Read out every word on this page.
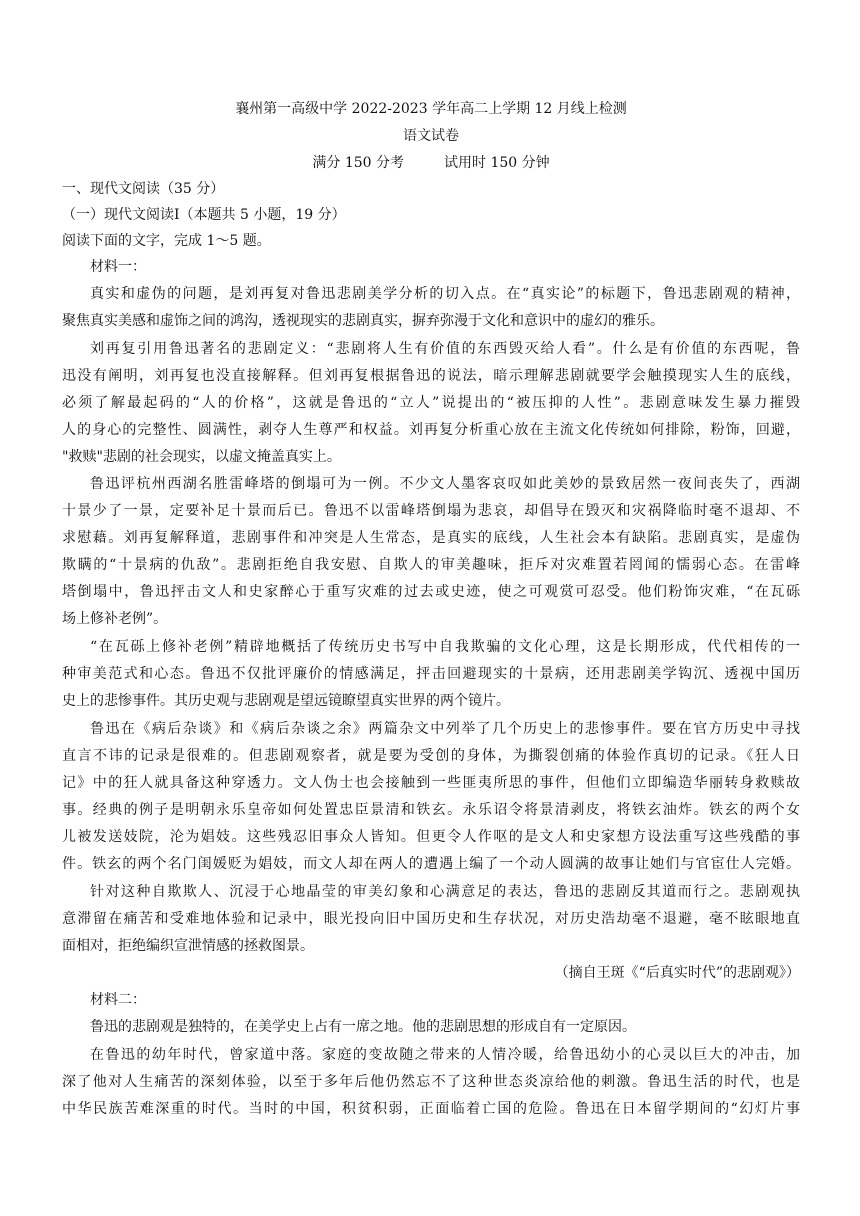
襄州第一高级中学 2022-2023 学年高二上学期 12 月线上检测
语文试卷
满分 150 分考	试用时 150 分钟
一、现代文阅读（35 分）
（一）现代文阅读Ⅰ（本题共 5 小题，19 分）
阅读下面的文字，完成 1～5 题。
材料一：
真实和虚伪的问题，是刘再复对鲁迅悲剧美学分析的切入点。在“真实论”的标题下，鲁迅悲剧观的精神，
聚焦真实美感和虚饰之间的鸿沟，透视现实的悲剧真实，摒弃弥漫于文化和意识中的虚幻的雅乐。
刘再复引用鲁迅著名的悲剧定义：“悲剧将人生有价值的东西毁灭给人看”。什么是有价值的东西呢，鲁
迅没有阐明，刘再复也没直接解释。但刘再复根据鲁迅的说法，暗示理解悲剧就要学会触摸现实人生的底线，
必须了解最起码的“人的价格”，这就是鲁迅的“立人”说提出的“被压抑的人性”。悲剧意味发生暴力摧毁
人的身心的完整性、圆满性，剥夺人生尊严和权益。刘再复分析重心放在主流文化传统如何排除，粉饰，回避，
"救赎"悲剧的社会现实，以虚文掩盖真实上。
鲁迅评杭州西湖名胜雷峰塔的倒塌可为一例。不少文人墨客哀叹如此美妙的景致居然一夜间丧失了，西湖
十景少了一景，定要补足十景而后已。鲁迅不以雷峰塔倒塌为悲哀，却倡导在毁灭和灾祸降临时毫不退却、不
求慰藉。刘再复解释道，悲剧事件和冲突是人生常态，是真实的底线，人生社会本有缺陷。悲剧真实，是虚伪
欺瞒的“十景病的仇敌”。悲剧拒绝自我安慰、自欺人的审美趣味，拒斥对灾难置若罔闻的懦弱心态。在雷峰
塔倒塌中，鲁迅抨击文人和史家醉心于重写灾难的过去或史迹，使之可观赏可忍受。他们粉饰灾难，“在瓦砾
场上修补老例”。
“在瓦砾上修补老例”精辟地概括了传统历史书写中自我欺骗的文化心理，这是长期形成，代代相传的一
种审美范式和心态。鲁迅不仅批评廉价的情感满足，抨击回避现实的十景病，还用悲剧美学钩沉、透视中国历
史上的悲惨事件。其历史观与悲剧观是望远镜瞭望真实世界的两个镜片。
鲁迅在《病后杂谈》和《病后杂谈之余》两篇杂文中列举了几个历史上的悲惨事件。要在官方历史中寻找
直言不讳的记录是很难的。但悲剧观察者，就是要为受创的身体，为撕裂创痛的体验作真切的记录。《狂人日
记》中的狂人就具备这种穿透力。文人伪士也会接触到一些匪夷所思的事件，但他们立即编造华丽转身救赎故
事。经典的例子是明朝永乐皇帝如何处置忠臣景清和铁玄。永乐诏令将景清剥皮，将铁玄油炸。铁玄的两个女
儿被发送妓院，沦为娼妓。这些残忍旧事众人皆知。但更令人作呕的是文人和史家想方设法重写这些残酷的事
件。铁玄的两个名门闺媛贬为娼妓，而文人却在两人的遭遇上编了一个动人圆满的故事让她们与官宦仕人完婚。
针对这种自欺欺人、沉浸于心地晶莹的审美幻象和心满意足的表达，鲁迅的悲剧反其道而行之。悲剧观执
意滞留在痛苦和受难地体验和记录中，眼光投向旧中国历史和生存状况，对历史浩劫毫不退避，毫不眩眼地直
面相对，拒绝编织宣泄情感的拯救图景。
（摘自王斑《“后真实时代”的悲剧观》）
材料二：
鲁迅的悲剧观是独特的，在美学史上占有一席之地。他的悲剧思想的形成自有一定原因。
在鲁迅的幼年时代，曾家道中落。家庭的变故随之带来的人情冷暖，给鲁迅幼小的心灵以巨大的冲击，加
深了他对人生痛苦的深刻体验，以至于多年后他仍然忘不了这种世态炎凉给他的刺激。鲁迅生活的时代，也是
中华民族苦难深重的时代。当时的中国，积贫积弱，正面临着亡国的危险。鲁迅在日本留学期间的“幻灯片事
